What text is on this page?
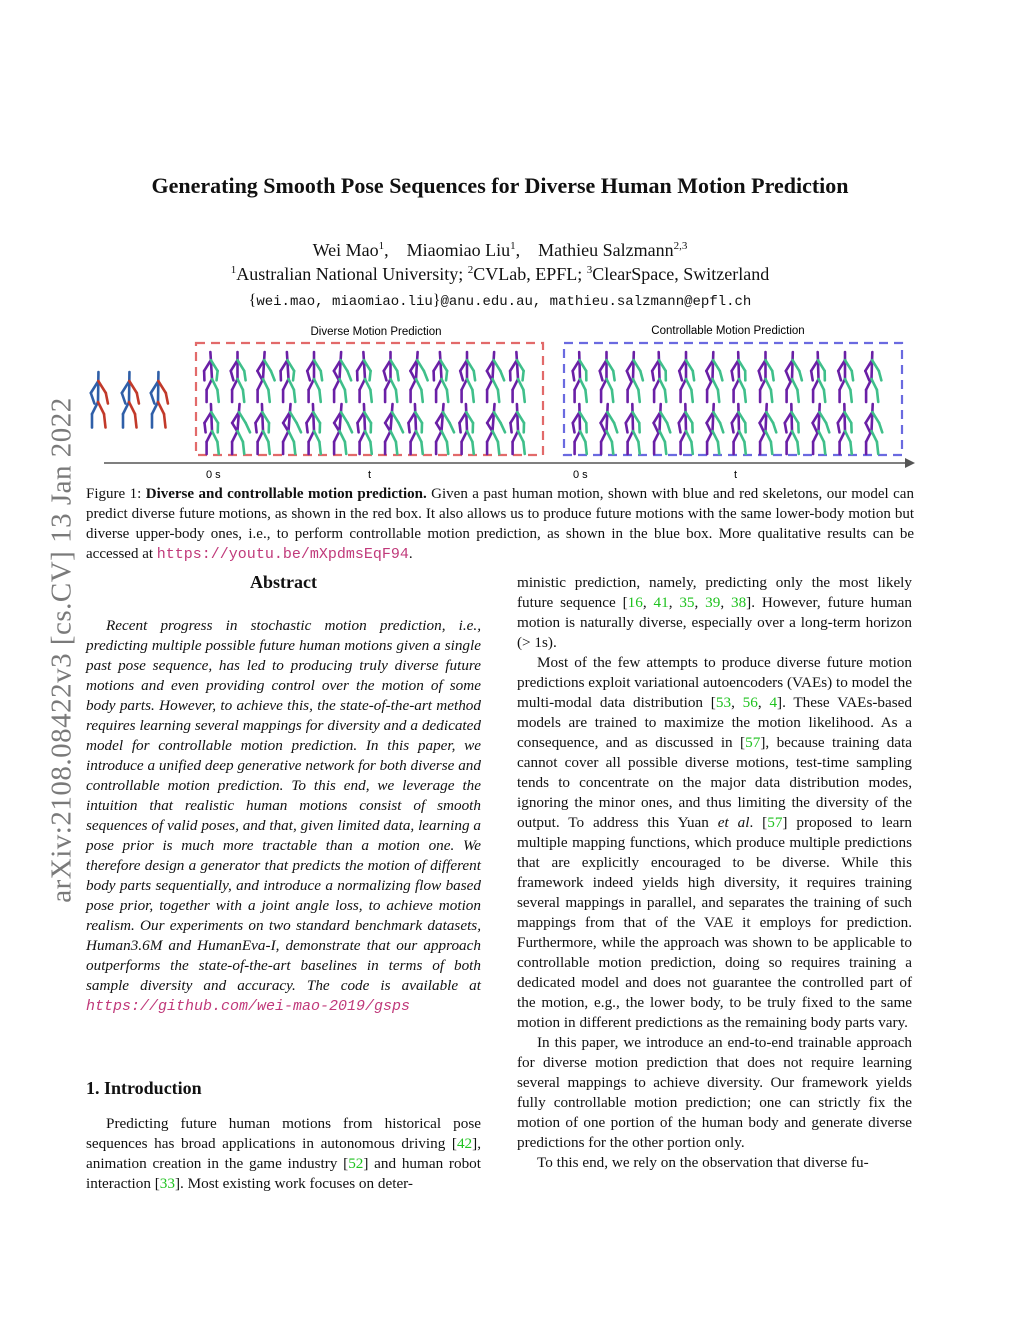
arXiv:2108.08422v3 [cs.CV] 13 Jan 2022
Generating Smooth Pose Sequences for Diverse Human Motion Prediction
Wei Mao$^1$,    Miaomiao Liu$^1$,    Mathieu Salzmann$^{2,3}$
$^1$Australian National University; $^2$CVLab, EPFL; $^3$ClearSpace, Switzerland
{wei.mao, miaomiao.liu}@anu.edu.au, mathieu.salzmann@epfl.ch
Diverse Motion Prediction	Controllable Motion Prediction
0 s	t	0 s	t
Figure 1: Diverse and controllable motion prediction. Given a past human motion, shown with blue and red skeletons, our model can predict diverse future motions, as shown in the red box. It also allows us to produce future motions with the same lower-body motion but diverse upper-body ones, i.e., to perform controllable motion prediction, as shown in the blue box. More qualitative results can be accessed at https://youtu.be/mXpdmsEqF94.
Abstract

Recent progress in stochastic motion prediction, i.e., predicting multiple possible future human motions given a single past pose sequence, has led to producing truly diverse future motions and even providing control over the motion of some body parts. However, to achieve this, the state-of-the-art method requires learning several mappings for diversity and a dedicated model for controllable motion prediction. In this paper, we introduce a unified deep generative network for both diverse and controllable motion prediction. To this end, we leverage the intuition that realistic human motions consist of smooth sequences of valid poses, and that, given limited data, learning a pose prior is much more tractable than a motion one. We therefore design a generator that predicts the motion of different body parts sequentially, and introduce a normalizing flow based pose prior, together with a joint angle loss, to achieve motion realism. Our experiments on two standard benchmark datasets, Human3.6M and HumanEva-I, demonstrate that our approach outperforms the state-of-the-art baselines in terms of both sample diversity and accuracy. The code is available at https://github.com/wei-mao-2019/gsps

1. Introduction

Predicting future human motions from historical pose sequences has broad applications in autonomous driving [42], animation creation in the game industry [52] and human robot interaction [33]. Most existing work focuses on deter-

ministic prediction, namely, predicting only the most likely future sequence [16, 41, 35, 39, 38]. However, future human motion is naturally diverse, especially over a long-term horizon (> 1s).

Most of the few attempts to produce diverse future motion predictions exploit variational autoencoders (VAEs) to model the multi-modal data distribution [53, 56, 4]. These VAEs-based models are trained to maximize the motion likelihood. As a consequence, and as discussed in [57], because training data cannot cover all possible diverse motions, test-time sampling tends to concentrate on the major data distribution modes, ignoring the minor ones, and thus limiting the diversity of the output. To address this Yuan et al. [57] proposed to learn multiple mapping functions, which produce multiple predictions that are explicitly encouraged to be diverse. While this framework indeed yields high diversity, it requires training several mappings in parallel, and separates the training of such mappings from that of the VAE it employs for prediction. Furthermore, while the approach was shown to be applicable to controllable motion prediction, doing so requires training a dedicated model and does not guarantee the controlled part of the motion, e.g., the lower body, to be truly fixed to the same motion in different predictions as the remaining body parts vary.

In this paper, we introduce an end-to-end trainable approach for diverse motion prediction that does not require learning several mappings to achieve diversity. Our framework yields fully controllable motion prediction; one can strictly fix the motion of one portion of the human body and generate diverse predictions for the other portion only.

To this end, we rely on the observation that diverse fu-
